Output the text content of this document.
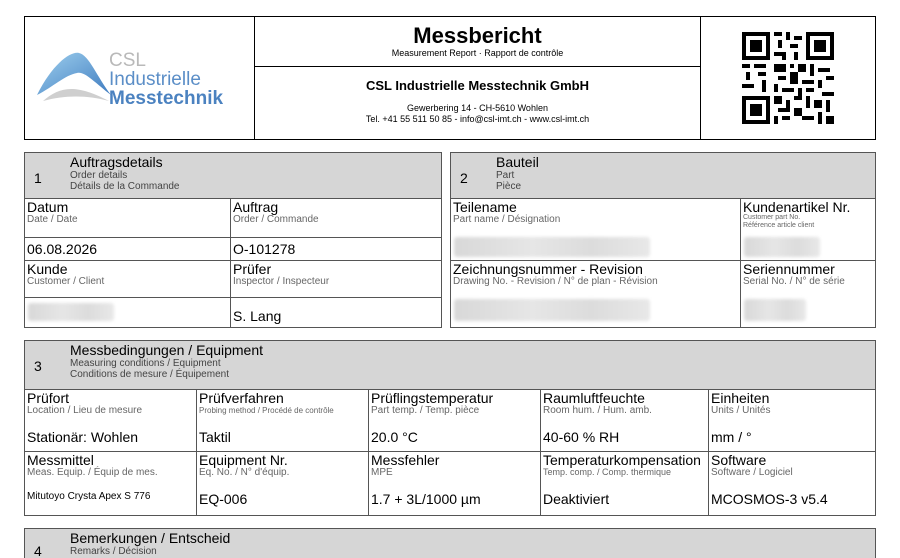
CSL
Industrielle
Messtechnik
Messbericht
Measurement Report · Rapport de contrôle
CSL Industrielle Messtechnik GmbH
Gewerbering 14 - CH-5610 Wohlen
Tel. +41 55 511 50 85 - info@csl-imt.ch - www.csl-imt.ch
1
Auftragsdetails
Order details
Détails de la Commande
Datum
Date / Date
06.08.2026
Auftrag
Order / Commande
O-101278
Kunde
Customer / Client
Prüfer
Inspector / Inspecteur
S. Lang
2
Bauteil
Part
Pièce
Teilename
Part name / Désignation
Kundenartikel Nr.
Customer part No.
Référence article client
Zeichnungsnummer - Revision
Drawing No. - Revision / N° de plan - Révision
Seriennummer
Serial No. / N° de série
3
Messbedingungen / Equipment
Measuring conditions / Equipment
Conditions de mesure / Équipement
Prüfort
Location / Lieu de mesure
Stationär: Wohlen
Prüfverfahren
Probing method / Procédé de contrôle
Taktil
Prüflingstemperatur
Part temp. / Temp. pièce
20.0 °C
Raumluftfeuchte
Room hum. / Hum. amb.
40-60 % RH
Einheiten
Units / Unités
mm / °
Messmittel
Meas. Equip. / Équip de mes.
Mitutoyo Crysta Apex S 776
Equipment Nr.
Eq. No. / N° d'équip.
EQ-006
Messfehler
MPE
1.7 + 3L/1000 µm
Temperaturkompensation
Temp. comp. / Comp. thermique
Deaktiviert
Software
Software / Logiciel
MCOSMOS-3 v5.4
4
Bemerkungen / Entscheid
Remarks / Décision
